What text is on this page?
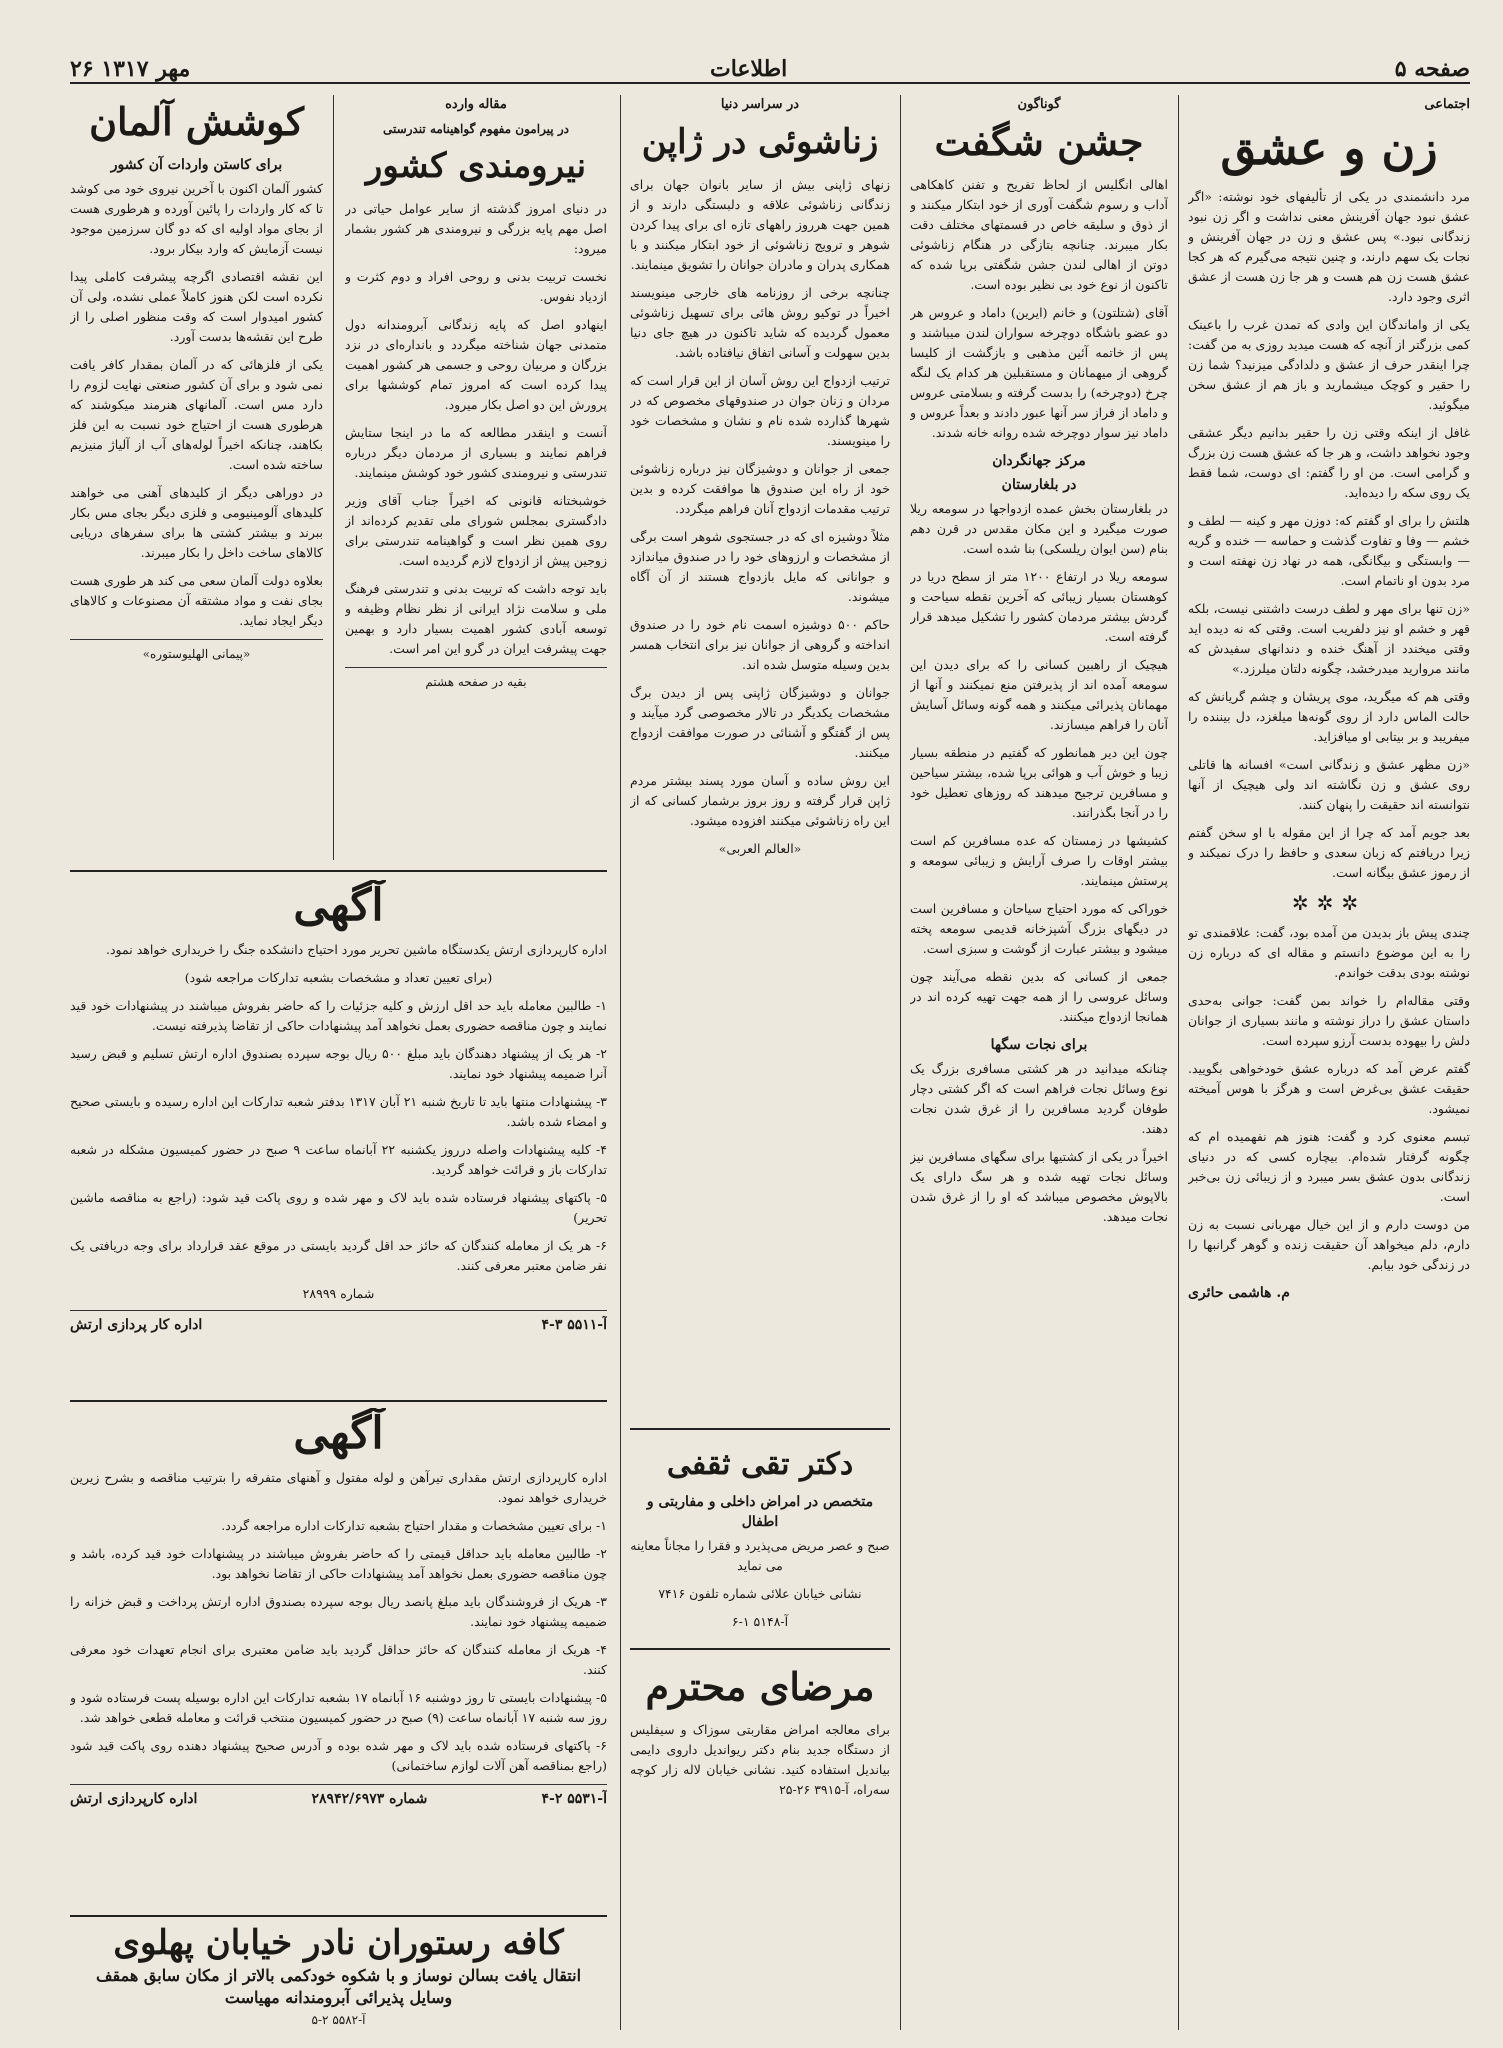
۲۶ مهر ۱۳۱۷	اطلاعات	صفحه ۵
اجتماعی
زن و عشق

مرد دانشمندی در یکی از تألیفهای خود نوشته: «اگر عشق نبود جهان آفرینش معنی نداشت و اگر زن نبود زندگانی نبود.» پس عشق و زن در جهان آفرینش و نجات یک سهم دارند، و چنین نتیجه می‌گیرم که هر کجا عشق هست زن هم هست و هر جا زن هست از عشق اثری وجود دارد.

یکی از واماندگان این وادی که تمدن غرب را باعینک کمی بزرگتر از آنچه که هست میدید روزی به من گفت: چرا اینقدر حرف از عشق و دلدادگی میزنید؟ شما زن را حقیر و کوچک میشمارید و باز هم از عشق سخن میگوئید.

غافل از اینکه وقتی زن را حقیر بدانیم دیگر عشقی وجود نخواهد داشت، و هر جا که عشق هست زن بزرگ و گرامی است. من او را گفتم: ای دوست، شما فقط یک روی سکه را دیده‌اید.

هلتش را برای او گفتم که: دوزن مهر و کینه — لطف و خشم — وفا و تفاوت گذشت و حماسه — خنده و گریه — وابستگی و بیگانگی، همه در نهاد زن نهفته است و مرد بدون او ناتمام است.

«زن تنها برای مهر و لطف درست داشتنی نیست، بلکه قهر و خشم او نیز دلفریب است. وقتی که نه دیده اید وقتی میخندد از آهنگ خنده و دندانهای سفیدش که مانند مروارید میدرخشد، چگونه دلتان میلرزد.»

وقتی هم که میگرید، موی پریشان و چشم گریانش که حالت الماس دارد از روی گونه‌ها میلغزد، دل بیننده را میفریبد و بر بیتابی او میافزاید.

«زن مظهر عشق و زندگانی است» افسانه ها قاتلی روی عشق و زن نگاشته اند ولی هیچیک از آنها نتوانسته اند حقیقت را پنهان کنند.

بعد جویم آمد که چرا از این مقوله با او سخن گفتم زیرا دریافتم که زبان سعدی و حافظ را درک نمیکند و از رموز عشق بیگانه است.

✲✲✲

چندی پیش باز بدیدن من آمده بود، گفت: علاقمندی تو را به این موضوع دانستم و مقاله ای که درباره زن نوشته بودی بدقت خواندم.

وقتی مقاله‌ام را خواند بمن گفت: جوانی به‌حدی داستان عشق را دراز نوشته و مانند بسیاری از جوانان دلش را بیهوده بدست آرزو سپرده است.

گفتم عرض آمد که درباره عشق خودخواهی بگویید. حقیقت عشق بی‌غرض است و هرگز با هوس آمیخته نمیشود.

تبسم معنوی کرد و گفت: هنوز هم نفهمیده ام که چگونه گرفتار شده‌ام. بیچاره کسی که در دنیای زندگانی بدون عشق بسر میبرد و از زیبائی زن بی‌خبر است.

من دوست دارم و از این خیال مهربانی نسبت به زن دارم، دلم میخواهد آن حقیقت زنده و گوهر گرانبها را در زندگی خود بیابم.

م. هاشمی حائری
گوناگون
جشن شگفت

اهالی انگلیس از لحاظ تفریح و تفنن کاهکاهی آداب و رسوم شگفت آوری از خود ابتکار میکنند و از ذوق و سلیقه خاص در قسمتهای مختلف دقت بکار میبرند. چنانچه بتازگی در هنگام زناشوئی دوتن از اهالی لندن جشن شگفتی برپا شده که تاکنون از نوع خود بی نظیر بوده است.

آقای (شتلتون) و خانم (ایرین) داماد و عروس هر دو عضو باشگاه دوچرخه سواران لندن میباشند و پس از خاتمه آئین مذهبی و بازگشت از کلیسا گروهی از میهمانان و مستقبلین هر کدام یک لنگه چرخ (دوچرخه) را بدست گرفته و بسلامتی عروس و داماد از فراز سر آنها عبور دادند و بعداً عروس و داماد نیز سوار دوچرخه شده روانه خانه شدند.

مرکز جهانگردان
در بلغارستان

در بلغارستان بخش عمده ازدواجها در سومعه ریلا صورت میگیرد و این مکان مقدس در قرن دهم بنام (سن ایوان ریلسکی) بنا شده است.

سومعه ریلا در ارتفاع ۱۲۰۰ متر از سطح دریا در کوهستان بسیار زیبائی که آخرین نقطه سیاحت و گردش بیشتر مردمان کشور را تشکیل میدهد قرار گرفته است.

هیچیک از راهبین کسانی را که برای دیدن این سومعه آمده اند از پذیرفتن منع نمیکنند و آنها از مهمانان پذیرائی میکنند و همه گونه وسائل آسایش آنان را فراهم میسازند.

چون این دیر همانطور که گفتیم در منطقه بسیار زیبا و خوش آب و هوائی برپا شده، بیشتر سیاحین و مسافرین ترجیح میدهند که روزهای تعطیل خود را در آنجا بگذرانند.

کشیشها در زمستان که عده مسافرین کم است بیشتر اوقات را صرف آرایش و زیبائی سومعه و پرستش مینمایند.

خوراکی که مورد احتیاج سیاحان و مسافرین است در دیگهای بزرگ آشپزخانه قدیمی سومعه پخته میشود و بیشتر عبارت از گوشت و سبزی است.

جمعی از کسانی که بدین نقطه می‌آیند چون وسائل عروسی را از همه جهت تهیه کرده اند در همانجا ازدواج میکنند.

برای نجات سگها

چنانکه میدانید در هر کشتی مسافری بزرگ یک نوع وسائل نجات فراهم است که اگر کشتی دچار طوفان گردید مسافرین را از غرق شدن نجات دهند.

اخیراً در یکی از کشتیها برای سگهای مسافرین نیز وسائل نجات تهیه شده و هر سگ دارای یک بالاپوش مخصوص میباشد که او را از غرق شدن نجات میدهد.

در سراسر دنیا
زناشوئی در ژاپن

زنهای ژاپنی بیش از سایر بانوان جهان برای زندگانی زناشوئی علاقه و دلبستگی دارند و از همین جهت هرروز راههای تازه ای برای پیدا کردن شوهر و ترویج زناشوئی از خود ابتکار میکنند و با همکاری پدران و مادران جوانان را تشویق مینمایند.

چنانچه برخی از روزنامه های خارجی مینویسند اخیراً در توکیو روش هائی برای تسهیل زناشوئی معمول گردیده که شاید تاکنون در هیچ جای دنیا بدین سهولت و آسانی اتفاق نیافتاده باشد.

ترتیب ازدواج این روش آسان از این قرار است که مردان و زنان جوان در صندوقهای مخصوص که در شهرها گذارده شده نام و نشان و مشخصات خود را مینویسند.

جمعی از جوانان و دوشیزگان نیز درباره زناشوئی خود از راه این صندوق ها موافقت کرده و بدین ترتیب مقدمات ازدواج آنان فراهم میگردد.

مثلاً دوشیزه ای که در جستجوی شوهر است برگی از مشخصات و ارزوهای خود را در صندوق میاندازد و جوانانی که مایل بازدواج هستند از آن آگاه میشوند.

حاکم ۵۰۰ دوشیزه اسمت نام خود را در صندوق انداخته و گروهی از جوانان نیز برای انتخاب همسر بدین وسیله متوسل شده اند.

جوانان و دوشیزگان ژاپنی پس از دیدن برگ مشخصات یکدیگر در تالار مخصوصی گرد میآیند و پس از گفتگو و آشنائی در صورت موافقت ازدواج میکنند.

این روش ساده و آسان مورد پسند بیشتر مردم ژاپن قرار گرفته و روز بروز برشمار کسانی که از این راه زناشوئی میکنند افزوده میشود.

«العالم العربی»
دکتر تقی ثقفی
متخصص در امراض داخلی و مفاربتی و اطفال

صبح و عصر مریض می‌پذیرد و فقرا را مجاناً معاینه می نماید

نشانی خیابان علائی شماره تلفون ۷۴۱۶

آ-۵۱۴۸ ۱-۶
مرضای محترم

برای معالجه امراض مقاربتی سوزاک و سیفلیس از دستگاه جدید بنام دکتر ریواندیل داروی دایمی بیاندیل استفاده کنید. نشانی خیابان لاله زار کوچه سه‌راه، آ-۳۹۱۵ ۲۶-۲۵

مقاله وارده
در پیرامون مفهوم گواهینامه تندرستی
نیرومندی کشور

در دنیای امروز گذشته از سایر عوامل حیاتی در اصل مهم پایه بزرگی و نیرومندی هر کشور بشمار میرود:

نخست تربیت بدنی و روحی افراد و دوم کثرت و ازدیاد نفوس.

اینهادو اصل که پایه زندگانی آبرومندانه دول متمدنی جهان شناخته میگردد و بانداره‌ای در نزد بزرگان و مربیان روحی و جسمی هر کشور اهمیت پیدا کرده است که امروز تمام کوششها برای پرورش این دو اصل بکار میرود.

آنست و اینقدر مطالعه که ما در اینجا ستایش فراهم نمایند و بسیاری از مردمان دیگر درباره تندرستی و نیرومندی کشور خود کوشش مینمایند.

خوشبختانه قانونی که اخیراً جناب آقای وزیر دادگستری بمجلس شورای ملی تقدیم کرده‌اند از روی همین نظر است و گواهینامه تندرستی برای زوجین پیش از ازدواج لازم گردیده است.

باید توجه داشت که تربیت بدنی و تندرستی فرهنگ ملی و سلامت نژاد ایرانی از نظر نظام وظیفه و توسعه آبادی کشور اهمیت بسیار دارد و بهمین جهت پیشرفت ایران در گرو این امر است.

بقیه در صفحه هشتم
کوشش آلمان
برای کاستن واردات آن کشور

کشور آلمان اکنون با آخرین نیروی خود می کوشد تا که کار واردات را پائین آورده و هرطوری هست از بجای مواد اولیه ای که دو گان سرزمین موجود نیست آزمایش که وارد بیکار برود.

این نقشه اقتصادی اگرچه پیشرفت کاملی پیدا نکرده است لکن هنوز کاملاً عملی نشده، ولی آن کشور امیدوار است که وقت منظور اصلی را از طرح این نقشه‌ها بدست آورد.

یکی از فلزهائی که در آلمان بمقدار کافر یافت نمی شود و برای آن کشور صنعتی نهایت لزوم را دارد مس است. آلمانهای هنرمند میکوشند که هرطوری هست از احتیاج خود نسبت به این فلز بکاهند، چنانکه اخیراً لوله‌های آب از آلیاژ منیزیم ساخته شده است.

در دوراهی دیگر از کلیدهای آهنی می خواهند کلیدهای آلومینیومی و فلزی دیگر بجای مس بکار ببرند و بیشتر کشتی ها برای سفرهای دریایی کالاهای ساخت داخل را بکار میبرند.

بعلاوه دولت آلمان سعی می کند هر طوری هست بجای نفت و مواد مشتقه آن مصنوعات و کالاهای دیگر ایجاد نماید.

«پیمانی الهلیوستوره»
آگهی

اداره کارپردازی ارتش یکدستگاه ماشین تحریر مورد احتیاج دانشکده جنگ را خریداری خواهد نمود.

(برای تعیین تعداد و مشخصات بشعبه تدارکات مراجعه شود)

۱- طالبین معامله باید حد اقل ارزش و کلیه جزئیات را که حاضر بفروش میباشند در پیشنهادات خود قید نمایند و چون مناقصه حضوری بعمل نخواهد آمد پیشنهادات حاکی از تقاضا پذیرفته نیست.

۲- هر یک از پیشنهاد دهندگان باید مبلغ ۵۰۰ ریال بوجه سپرده بصندوق اداره ارتش تسلیم و قبض رسید آنرا ضمیمه پیشنهاد خود نمایند.

۳- پیشنهادات منتها باید تا تاریخ شنبه ۲۱ آبان ۱۳۱۷ بدفتر شعبه تدارکات این اداره رسیده و بایستی صحیح و امضاء شده باشد.

۴- کلیه پیشنهادات واصله درروز یکشنبه ۲۲ آبانماه ساعت ۹ صبح در حضور کمیسیون مشکله در شعبه تدارکات باز و قرائت خواهد گردید.

۵- پاکتهای پیشنهاد فرستاده شده باید لاک و مهر شده و روی پاکت قید شود: (راجع به مناقصه ماشین تحریر)

۶- هر یک از معامله کنندگان که حائز حد اقل گردید بایستی در موقع عقد قرارداد برای وجه دریافتی یک نفر ضامن معتبر معرفی کنند.

شماره ۲۸۹۹۹
آ-۵۵۱۱ ۳-۴
اداره کار پردازی ارتش
آگهی

اداره کارپردازی ارتش مقداری تیرآهن و لوله مفتول و آهنهای متفرقه را بترتیب مناقصه و بشرح زیرین خریداری خواهد نمود.

۱- برای تعیین مشخصات و مقدار احتیاج بشعبه تدارکات اداره مراجعه گردد.

۲- طالبین معامله باید حداقل قیمتی را که حاضر بفروش میباشند در پیشنهادات خود قید کرده، باشد و چون مناقصه حضوری بعمل نخواهد آمد پیشنهادات حاکی از تقاضا نخواهد بود.

۳- هریک از فروشندگان باید مبلغ پانصد ریال بوجه سپرده بصندوق اداره ارتش پرداخت و قبض خزانه را ضمیمه پیشنهاد خود نمایند.

۴- هریک از معامله کنندگان که حائز حداقل گردید باید ضامن معتبری برای انجام تعهدات خود معرفی کنند.

۵- پیشنهادات بایستی تا روز دوشنبه ۱۶ آبانماه ۱۷ بشعبه تدارکات این اداره بوسیله پست فرستاده شود و روز سه شنبه ۱۷ آبانماه ساعت (۹) صبح در حضور کمیسیون منتخب قرائت و معامله قطعی خواهد شد.

۶- پاکتهای فرستاده شده باید لاک و مهر شده بوده و آدرس صحیح پیشنهاد دهنده روی پاکت قید شود (راجع بمناقصه آهن آلات لوازم ساختمانی)

آ-۵۵۳۱ ۲-۴
شماره ۲۸۹۴۲/۶۹۷۳
اداره کارپردازی ارتش
کافه رستوران نادر خیابان پهلوی
انتقال یافت بسالن نوساز و با شکوه خودکمی بالاتر از مکان سابق همقف
وسایل پذیرائی آبرومندانه مهیاست
آ-۵۵۸۲ ۲-۵
